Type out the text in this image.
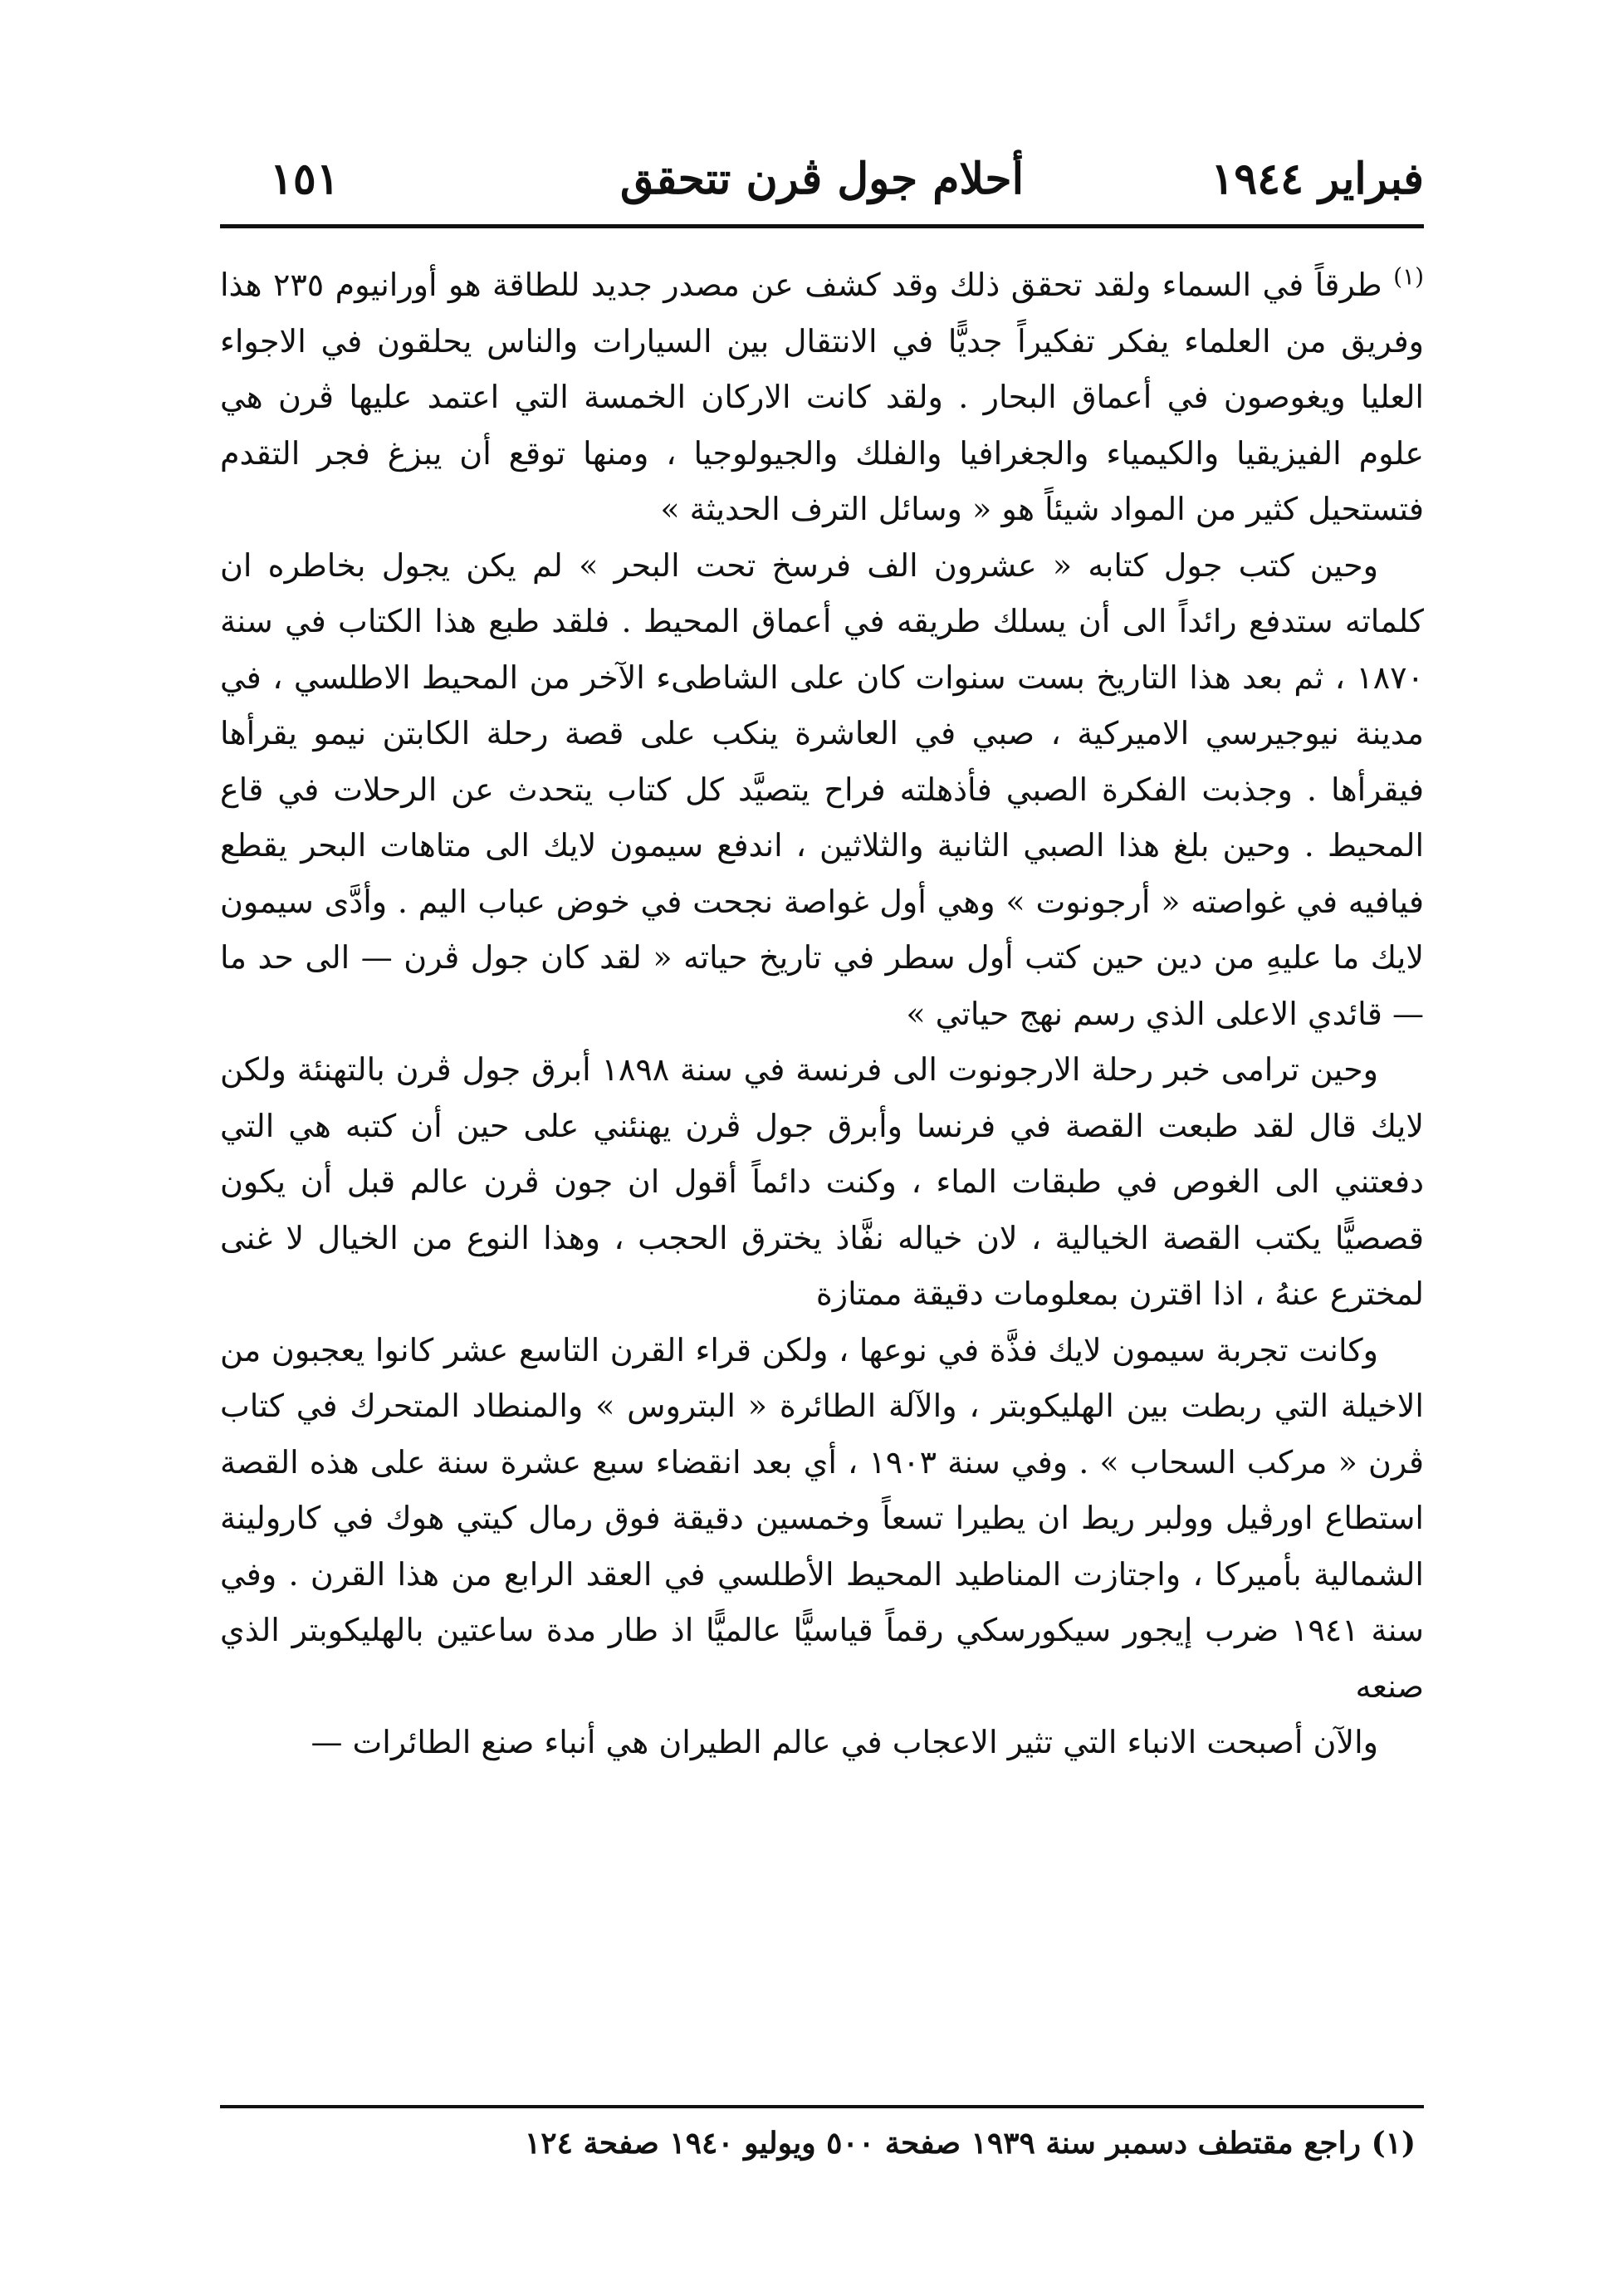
فبراير ١٩٤٤
أحلام جول ڤرن تتحقق
١٥١

$^{(١)}$ طرقاً في السماء ولقد تحقق ذلك وقد كشف عن مصدر جديد للطاقة هو أورانيوم ٢٣٥ هذا وفريق من العلماء يفكر تفكيراً جديًّا في الانتقال بين السيارات والناس يحلقون في الاجواء العليا ويغوصون في أعماق البحار . ولقد كانت الاركان الخمسة التي اعتمد عليها ڤرن هي علوم الفيزيقيا والكيمياء والجغرافيا والفلك والجيولوجيا ، ومنها توقع أن يبزغ فجر التقدم فتستحيل كثير من المواد شيئاً هو « وسائل الترف الحديثة »

وحين كتب جول كتابه « عشرون الف فرسخ تحت البحر » لم يكن يجول بخاطره ان كلماته ستدفع رائداً الى أن يسلك طريقه في أعماق المحيط . فلقد طبع هذا الكتاب في سنة ١٨٧٠ ، ثم بعد هذا التاريخ بست سنوات كان على الشاطىء الآخر من المحيط الاطلسي ، في مدينة نيوجيرسي الاميركية ، صبي في العاشرة ينكب على قصة رحلة الكابتن نيمو يقرأها فيقرأها . وجذبت الفكرة الصبي فأذهلته فراح يتصيَّد كل كتاب يتحدث عن الرحلات في قاع المحيط . وحين بلغ هذا الصبي الثانية والثلاثين ، اندفع سيمون لايك الى متاهات البحر يقطع فيافيه في غواصته « أرجونوت » وهي أول غواصة نجحت في خوض عباب اليم . وأدَّى سيمون لايك ما عليهِ من دين حين كتب أول سطر في تاريخ حياته « لقد كان جول ڤرن — الى حد ما — قائدي الاعلى الذي رسم نهج حياتي »

وحين ترامى خبر رحلة الارجونوت الى فرنسة في سنة ١٨٩٨ أبرق جول ڤرن بالتهنئة ولكن لايك قال لقد طبعت القصة في فرنسا وأبرق جول ڤرن يهنئني على حين أن كتبه هي التي دفعتني الى الغوص في طبقات الماء ، وكنت دائماً أقول ان جون ڤرن عالم قبل أن يكون قصصيًّا يكتب القصة الخيالية ، لان خياله نفَّاذ يخترق الحجب ، وهذا النوع من الخيال لا غنى لمخترع عنهُ ، اذا اقترن بمعلومات دقيقة ممتازة

وكانت تجربة سيمون لايك فذَّة في نوعها ، ولكن قراء القرن التاسع عشر كانوا يعجبون من الاخيلة التي ربطت بين الهليكوبتر ، والآلة الطائرة « البتروس » والمنطاد المتحرك في كتاب ڤرن « مركب السحاب » . وفي سنة ١٩٠٣ ، أي بعد انقضاء سبع عشرة سنة على هذه القصة استطاع اورڤيل وولبر ريط ان يطيرا تسعاً وخمسين دقيقة فوق رمال كيتي هوك في كارولينة الشمالية بأميركا ، واجتازت المناطيد المحيط الأطلسي في العقد الرابع من هذا القرن . وفي سنة ١٩٤١ ضرب إيجور سيكورسكي رقماً قياسيًّا عالميًّا اذ طار مدة ساعتين بالهليكوبتر الذي صنعه

والآن أصبحت الانباء التي تثير الاعجاب في عالم الطيران هي أنباء صنع الطائرات —

(١) راجع مقتطف دسمبر سنة ١٩٣٩ صفحة ٥٠٠ ويوليو ١٩٤٠ صفحة ١٢٤
